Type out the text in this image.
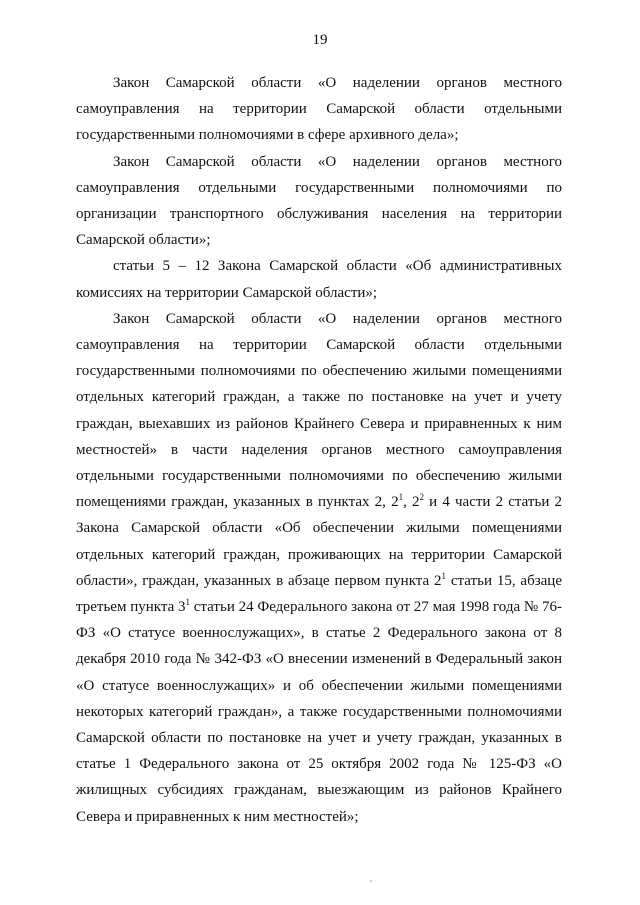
19

Закон Самарской области «О наделении органов местного самоуправления на территории Самарской области отдельными государственными полномочиями в сфере архивного дела»;

Закон Самарской области «О наделении органов местного самоуправления отдельными государственными полномочиями по организации транспортного обслуживания населения на территории Самарской области»;

статьи 5 – 12 Закона Самарской области «Об административных комиссиях на территории Самарской области»;

Закон Самарской области «О наделении органов местного самоуправления на территории Самарской области отдельными государственными полномочиями по обеспечению жилыми помещениями отдельных категорий граждан, а также по постановке на учет и учету граждан, выехавших из районов Крайнего Севера и приравненных к ним местностей» в части наделения органов местного самоуправления отдельными государственными полномочиями по обеспечению жилыми помещениями граждан, указанных в пунктах 2, $2^1$, $2^2$ и 4 части 2 статьи 2 Закона Самарской области «Об обеспечении жилыми помещениями отдельных категорий граждан, проживающих на территории Самарской области», граждан, указанных в абзаце первом пункта $2^1$ статьи 15, абзаце третьем пункта $3^1$ статьи 24 Федерального закона от 27 мая 1998 года № 76-ФЗ «О статусе военнослужащих», в статье 2 Федерального закона от 8 декабря 2010 года № 342-ФЗ «О внесении изменений в Федеральный закон «О статусе военнослужащих» и об обеспечении жилыми помещениями некоторых категорий граждан», а также государственными полномочиями Самарской области по постановке на учет и учету граждан, указанных в статье 1 Федерального закона от 25 октября 2002 года № 125-ФЗ «О жилищных субсидиях гражданам, выезжающим из районов Крайнего Севера и приравненных к ним местностей»;
